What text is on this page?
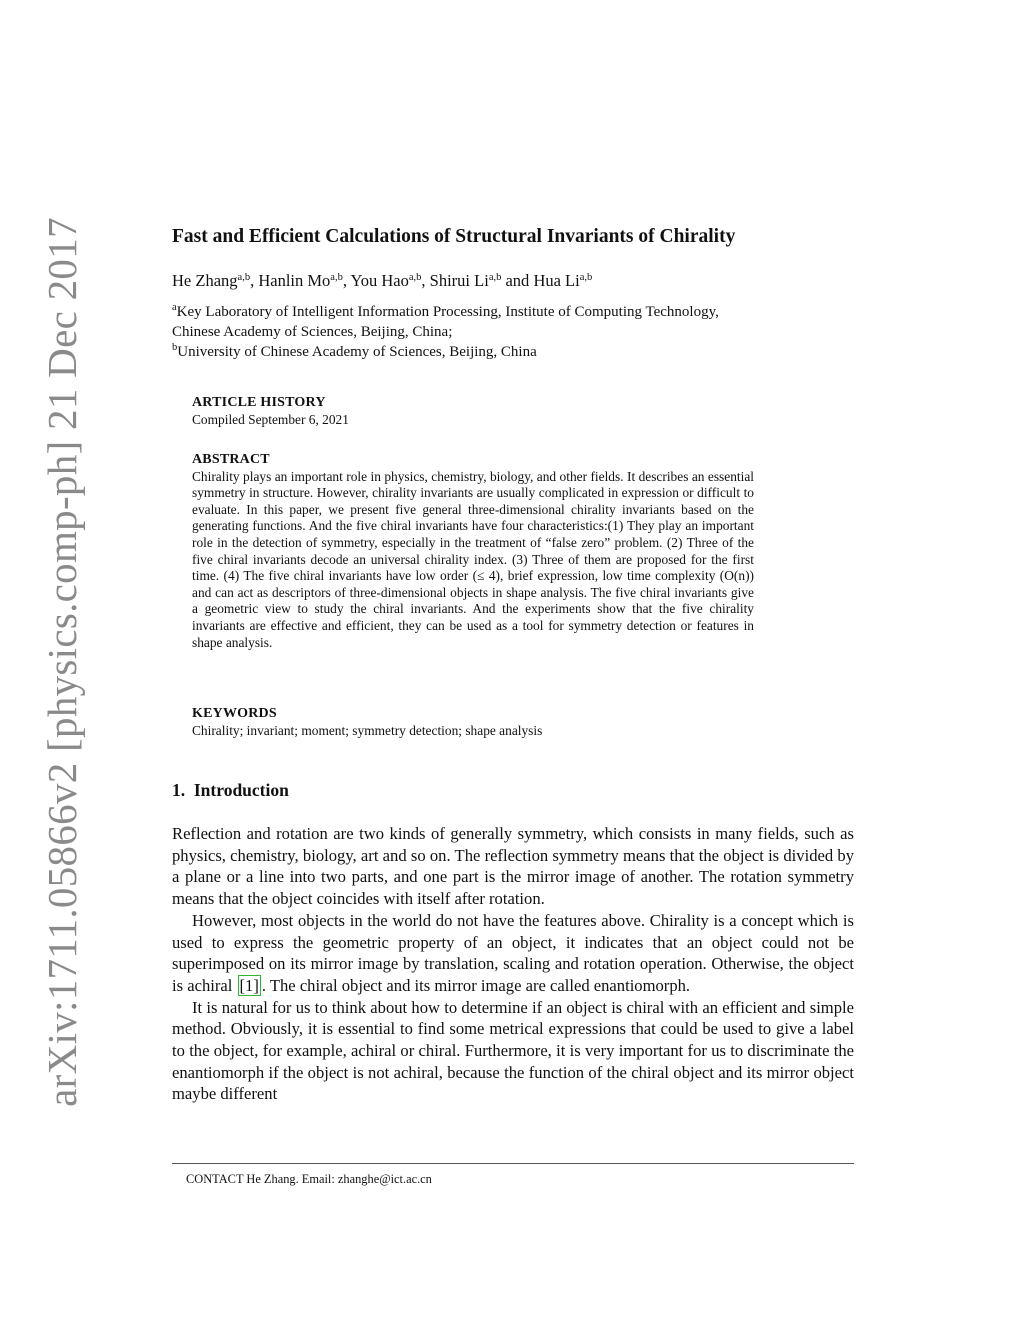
arXiv:1711.05866v2 [physics.comp-ph] 21 Dec 2017	Fast and Efficient Calculations of Structural Invariants of Chirality
He Zhang$^{a,b}$, Hanlin Mo$^{a,b}$, You Hao$^{a,b}$, Shirui Li$^{a,b}$ and Hua Li$^{a,b}$
$^a$Key Laboratory of Intelligent Information Processing, Institute of Computing Technology,
Chinese Academy of Sciences, Beijing, China;
$^b$University of Chinese Academy of Sciences, Beijing, China
ARTICLE HISTORY
Compiled September 6, 2021
ABSTRACT
Chirality plays an important role in physics, chemistry, biology, and other fields. It describes an essential symmetry in structure. However, chirality invariants are usually complicated in expression or difficult to evaluate. In this paper, we present five general three-dimensional chirality invariants based on the generating functions. And the five chiral invariants have four characteristics:(1) They play an important role in the detection of symmetry, especially in the treatment of “false zero” problem. (2) Three of the five chiral invariants decode an universal chirality index. (3) Three of them are proposed for the first time. (4) The five chiral invariants have low order (≤ 4), brief expression, low time complexity (O(n)) and can act as descriptors of three-dimensional objects in shape analysis. The five chiral invariants give a geometric view to study the chiral invariants. And the experiments show that the five chirality invariants are effective and efficient, they can be used as a tool for symmetry detection or features in shape analysis.
KEYWORDS
Chirality; invariant; moment; symmetry detection; shape analysis
1. Introduction

Reflection and rotation are two kinds of generally symmetry, which consists in many fields, such as physics, chemistry, biology, art and so on. The reflection symmetry means that the object is divided by a plane or a line into two parts, and one part is the mirror image of another. The rotation symmetry means that the object coincides with itself after rotation.

However, most objects in the world do not have the features above. Chirality is a concept which is used to express the geometric property of an object, it indicates that an object could not be superimposed on its mirror image by translation, scaling and rotation operation. Otherwise, the object is achiral [1] . The chiral object and its mirror image are called enantiomorph.

It is natural for us to think about how to determine if an object is chiral with an efficient and simple method. Obviously, it is essential to find some metrical expressions that could be used to give a label to the object, for example, achiral or chiral. Furthermore, it is very important for us to discriminate the enantiomorph if the object is not achiral, because the function of the chiral object and its mirror object maybe different

CONTACT He Zhang. Email: zhanghe@ict.ac.cn
